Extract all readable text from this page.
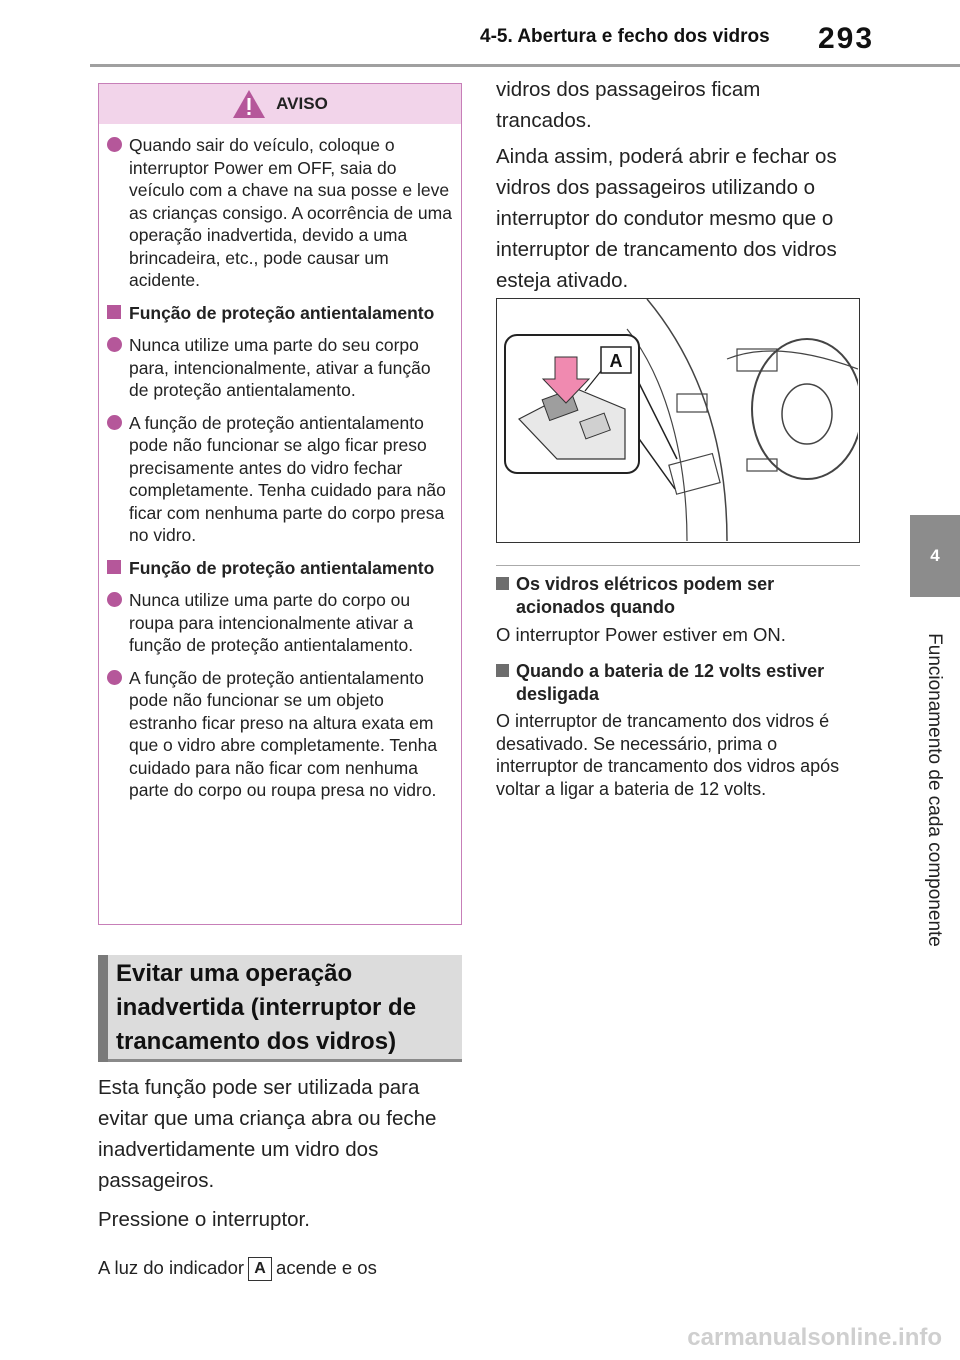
4-5. Abertura e fecho dos vidros 293
4
Funcionamento de cada componente
AVISO
Quando sair do veículo, coloque o interruptor Power em OFF, saia do veículo com a chave na sua posse e leve as crianças consigo. A ocorrência de uma operação inadvertida, devido a uma brincadeira, etc., pode causar um acidente.
Função de proteção antientalamento
Nunca utilize uma parte do seu corpo para, intencionalmente, ativar a função de proteção antientalamento.
A função de proteção antientalamento pode não funcionar se algo ficar preso precisamente antes do vidro fechar completamente. Tenha cuidado para não ficar com nenhuma parte do corpo presa no vidro.
Função de proteção antientalamento
Nunca utilize uma parte do corpo ou roupa para intencionalmente ativar a função de proteção antientalamento.
A função de proteção antientalamento pode não funcionar se um objeto estranho ficar preso na altura exata em que o vidro abre completamente. Tenha cuidado para não ficar com nenhuma parte do corpo ou roupa presa no vidro.
Evitar uma operação inadvertida (interruptor de trancamento dos vidros)
Esta função pode ser utilizada para evitar que uma criança abra ou feche inadvertidamente um vidro dos passageiros.
Pressione o interruptor.
A luz do indicador A acende e os
vidros dos passageiros ficam trancados.
Ainda assim, poderá abrir e fechar os vidros dos passageiros utilizando o interruptor do condutor mesmo que o interruptor de trancamento dos vidros esteja ativado.
A
Os vidros elétricos podem ser acionados quando
O interruptor Power estiver em ON.
Quando a bateria de 12 volts estiver desligada
O interruptor de trancamento dos vidros é desativado. Se necessário, prima o interruptor de trancamento dos vidros após voltar a ligar a bateria de 12 volts.
carmanualsonline.info
